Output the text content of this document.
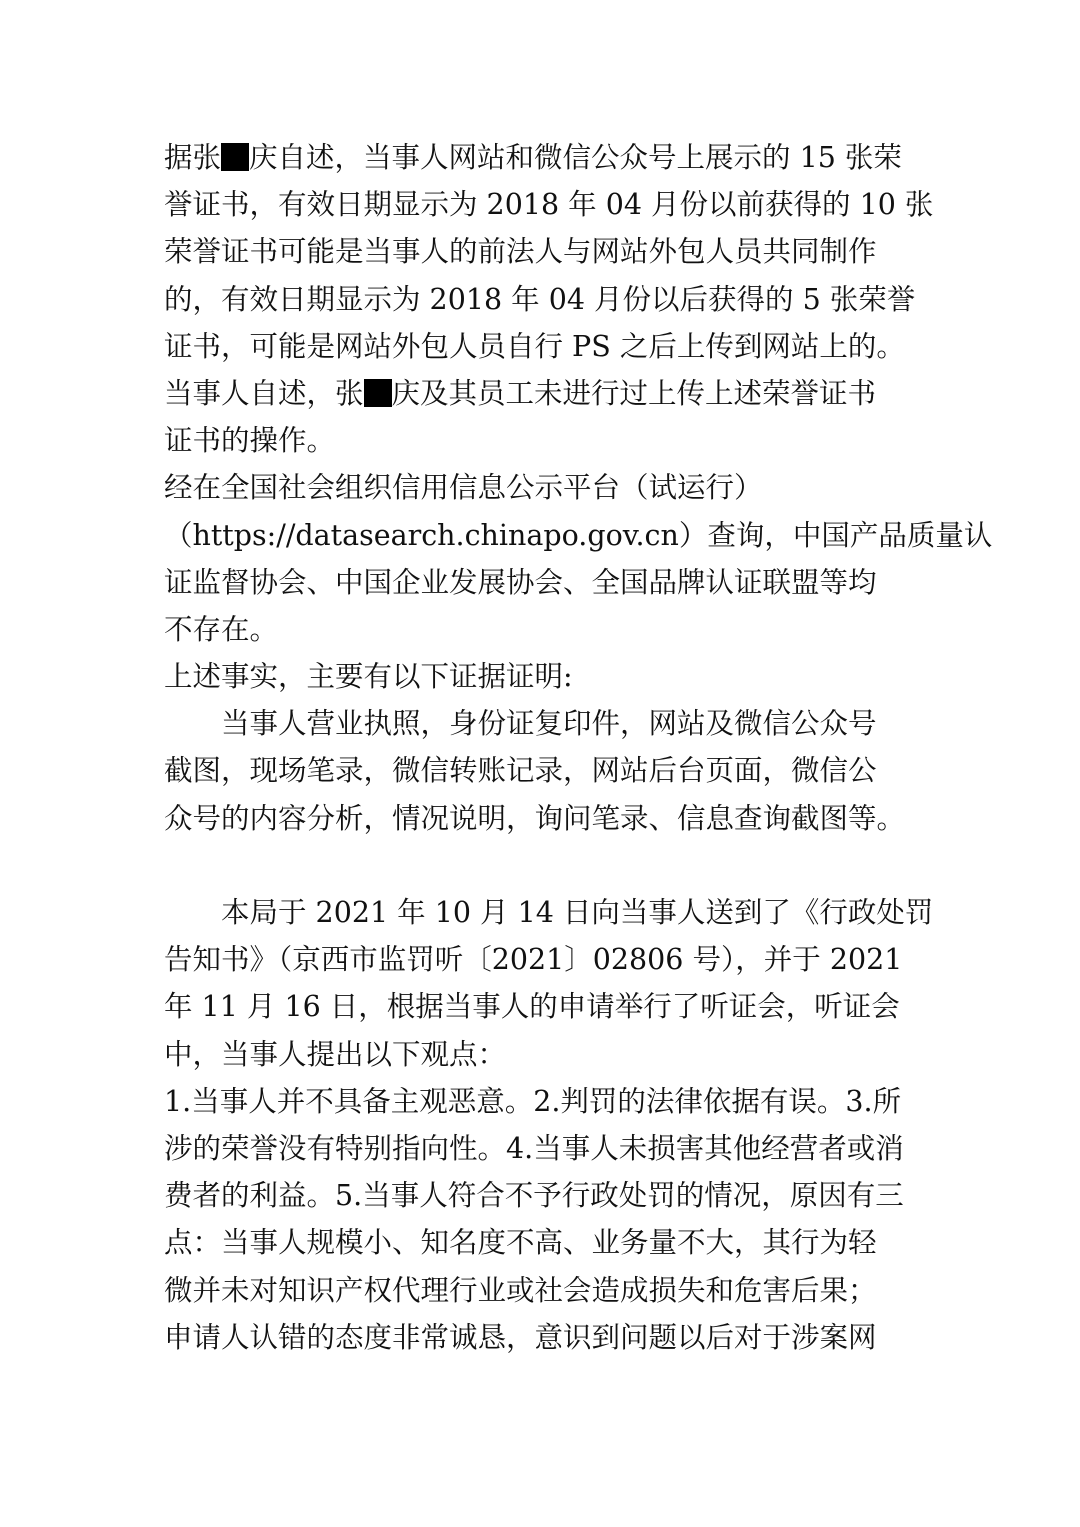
据张 庆自述，当事人网站和微信公众号上展示的 15 张荣
誉证书，有效日期显示为 2018 年 04 月份以前获得的 10 张
荣誉证书可能是当事人的前法人与网站外包人员共同制作
的，有效日期显示为 2018 年 04 月份以后获得的 5 张荣誉
证书，可能是网站外包人员自行 PS 之后上传到网站上的。
当事人自述，张 庆及其员工未进行过上传上述荣誉证书
证书的操作。
经在全国社会组织信用信息公示平台（试运行）
（https://datasearch.chinapo.gov.cn）查询，中国产品质量认
证监督协会、中国企业发展协会、全国品牌认证联盟等均
不存在。
上述事实，主要有以下证据证明:
当事人营业执照，身份证复印件，网站及微信公众号
截图，现场笔录，微信转账记录，网站后台页面，微信公
众号的内容分析，情况说明，询问笔录、信息查询截图等。
本局于 2021 年 10 月 14 日向当事人送到了《行政处罚
告知书》（京西市监罚听〔2021〕02806 号），并于 2021
年 11 月 16 日，根据当事人的申请举行了听证会，听证会
中，当事人提出以下观点：
1.当事人并不具备主观恶意。2.判罚的法律依据有误。3.所
涉的荣誉没有特别指向性。4.当事人未损害其他经营者或消
费者的利益。5.当事人符合不予行政处罚的情况，原因有三
点：当事人规模小、知名度不高、业务量不大，其行为轻
微并未对知识产权代理行业或社会造成损失和危害后果；
申请人认错的态度非常诚恳，意识到问题以后对于涉案网
